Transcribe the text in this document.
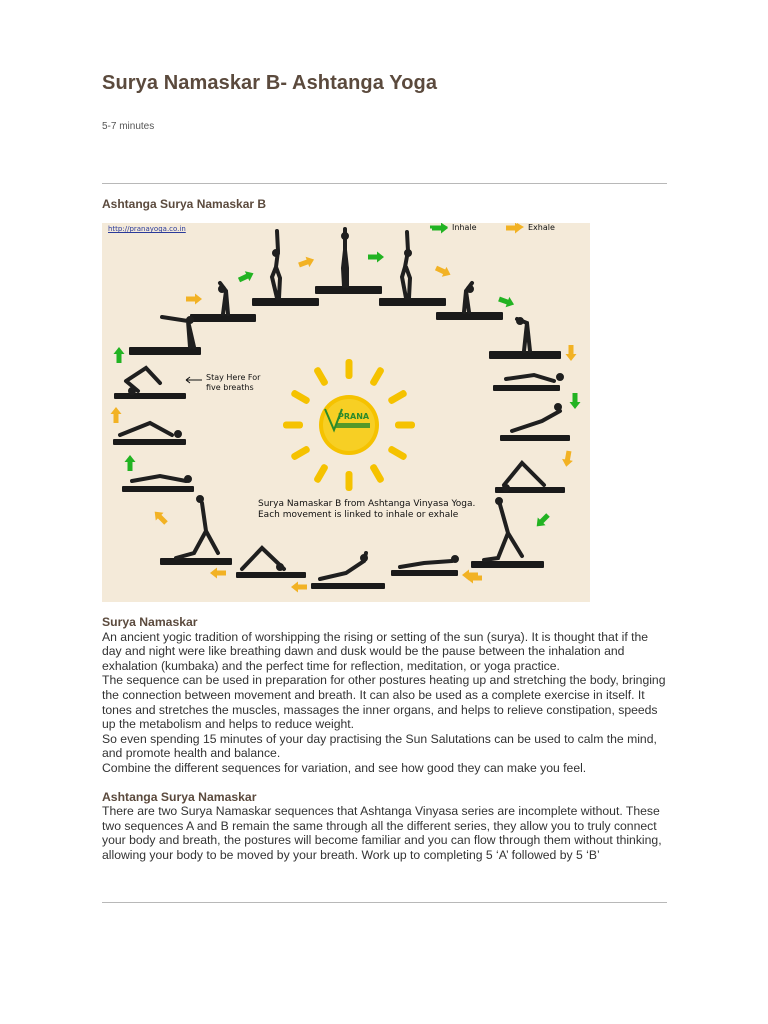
Surya Namaskar B- Ashtanga Yoga
5-7 minutes
Ashtanga Surya Namaskar B
PRANA
http://pranayoga.co.in	Inhale	Exhale
Stay Here For
five breaths
Surya Namaskar B from Ashtanga Vinyasa Yoga. Each movement is linked to inhale or exhale
Surya Namaskar

An ancient yogic tradition of worshipping the rising or setting of the sun (surya). It is thought that if the day and night were like breathing dawn and dusk would be the pause between the inhalation and exhalation (kumbaka) and the perfect time for reflection, meditation, or yoga practice.

The sequence can be used in preparation for other postures heating up and stretching the body, bringing the connection between movement and breath. It can also be used as a complete exercise in itself. It tones and stretches the muscles, massages the inner organs, and helps to relieve constipation, speeds up the metabolism and helps to reduce weight.

So even spending 15 minutes of your day practising the Sun Salutations can be used to calm the mind, and promote health and balance.

Combine the different sequences for variation, and see how good they can make you feel.

Ashtanga Surya Namaskar

There are two Surya Namaskar sequences that Ashtanga Vinyasa series are incomplete without. These two sequences A and B remain the same through all the different series, they allow you to truly connect your body and breath, the postures will become familiar and you can flow through them without thinking, allowing your body to be moved by your breath. Work up to completing 5 ‘A’ followed by 5 ‘B’
